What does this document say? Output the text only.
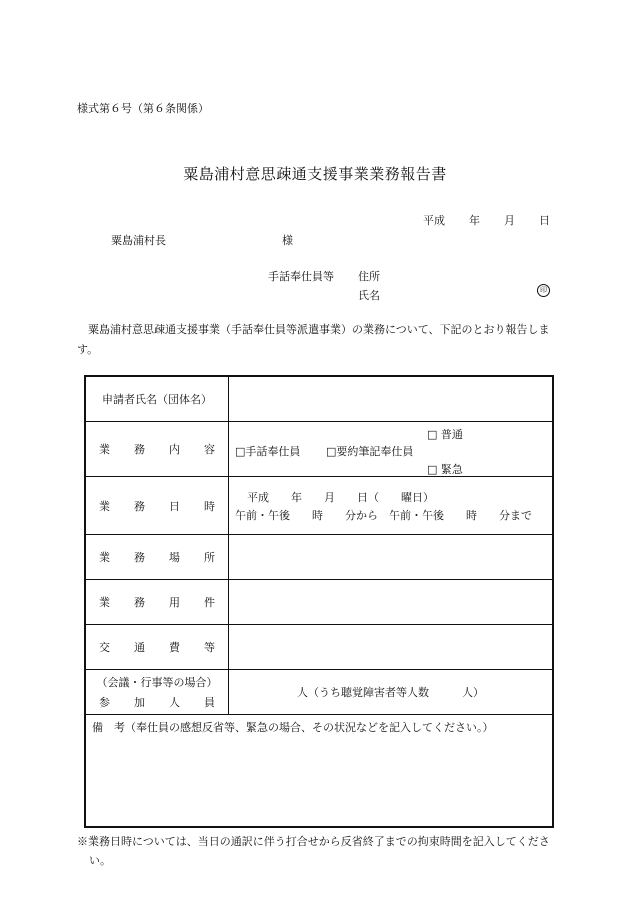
様式第６号（第６条関係）
粟島浦村意思疎通支援事業業務報告書
平成 年 月 日
粟島浦村長	様
手話奉仕員等 住所
氏名	印
粟島浦村意思疎通支援事業（手話奉仕員等派遣事業）の業務について、下記のとおり報告します。
申請者氏名（団体名）
業 務 内 容
□ 普通
□手話奉仕員 □要約筆記奉仕員
□ 緊急
業 務 日 時
平成　　年　　月　　日（　　曜日）
午前・午後　　時　　分から　午前・午後　　時　　分まで
業 務 場 所
業 務 用 件
交 通 費 等
（会議・行事等の場合）
参 加 人 員
人（うち聴覚障害者等人数　　　人）
備　考（奉仕員の感想反省等、緊急の場合、その状況などを記入してください。）
※業務日時については、当日の通訳に伴う打合せから反省終了までの拘束時間を記入してください。
